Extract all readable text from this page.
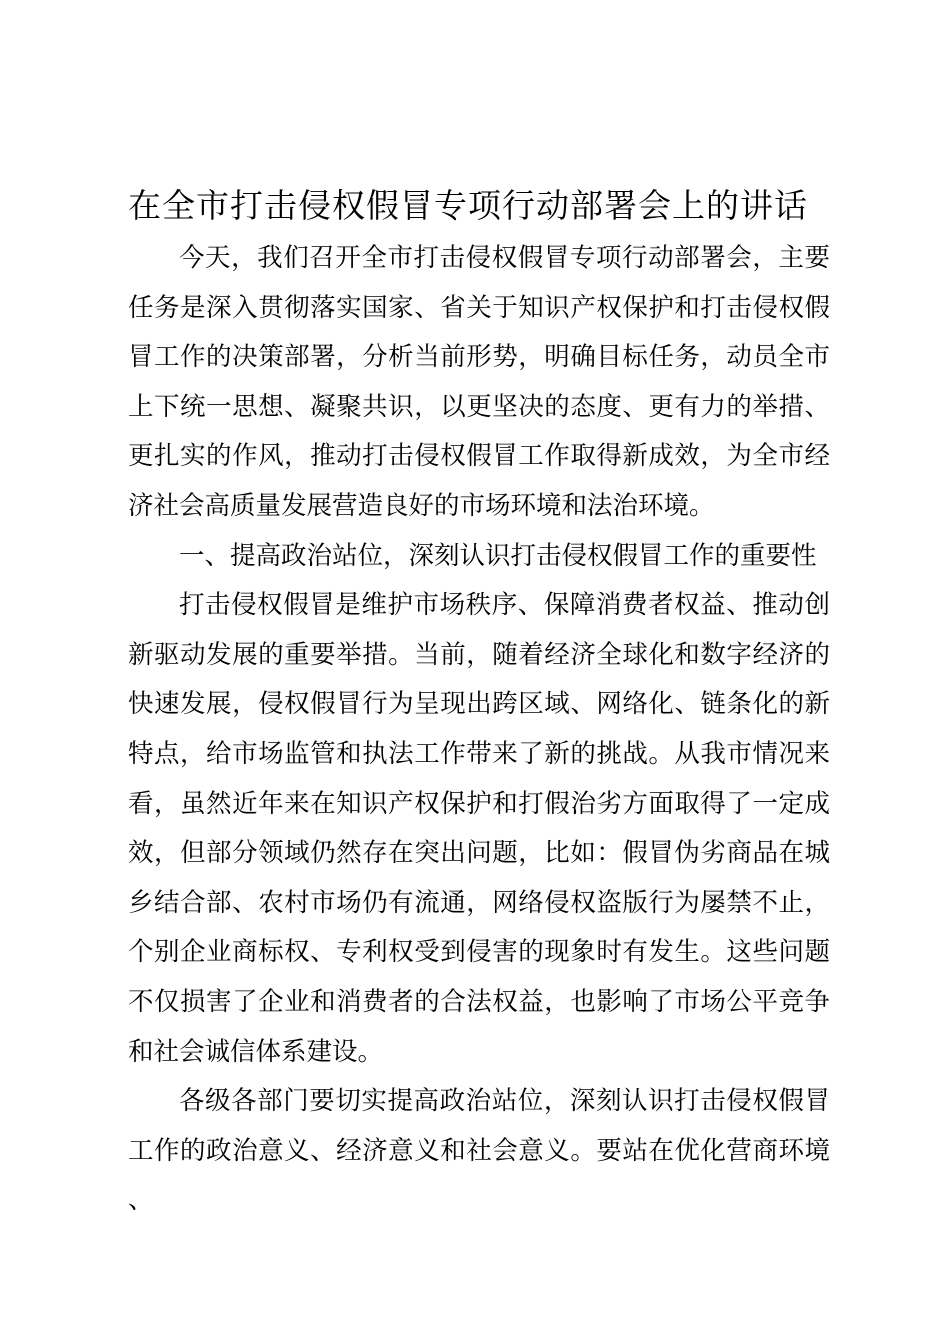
在全市打击侵权假冒专项行动部署会上的讲话

今天，我们召开全市打击侵权假冒专项行动部署会，主要任务是深入贯彻落实国家、省关于知识产权保护和打击侵权假冒工作的决策部署，分析当前形势，明确目标任务，动员全市上下统一思想、凝聚共识，以更坚决的态度、更有力的举措、更扎实的作风，推动打击侵权假冒工作取得新成效，为全市经济社会高质量发展营造良好的市场环境和法治环境。

一、提高政治站位，深刻认识打击侵权假冒工作的重要性

打击侵权假冒是维护市场秩序、保障消费者权益、推动创新驱动发展的重要举措。当前，随着经济全球化和数字经济的快速发展，侵权假冒行为呈现出跨区域、网络化、链条化的新特点，给市场监管和执法工作带来了新的挑战。从我市情况来看，虽然近年来在知识产权保护和打假治劣方面取得了一定成效，但部分领域仍然存在突出问题，比如：假冒伪劣商品在城乡结合部、农村市场仍有流通，网络侵权盗版行为屡禁不止，个别企业商标权、专利权受到侵害的现象时有发生。这些问题不仅损害了企业和消费者的合法权益，也影响了市场公平竞争和社会诚信体系建设。

各级各部门要切实提高政治站位，深刻认识打击侵权假冒工作的政治意义、经济意义和社会意义。要站在优化营商环境、
